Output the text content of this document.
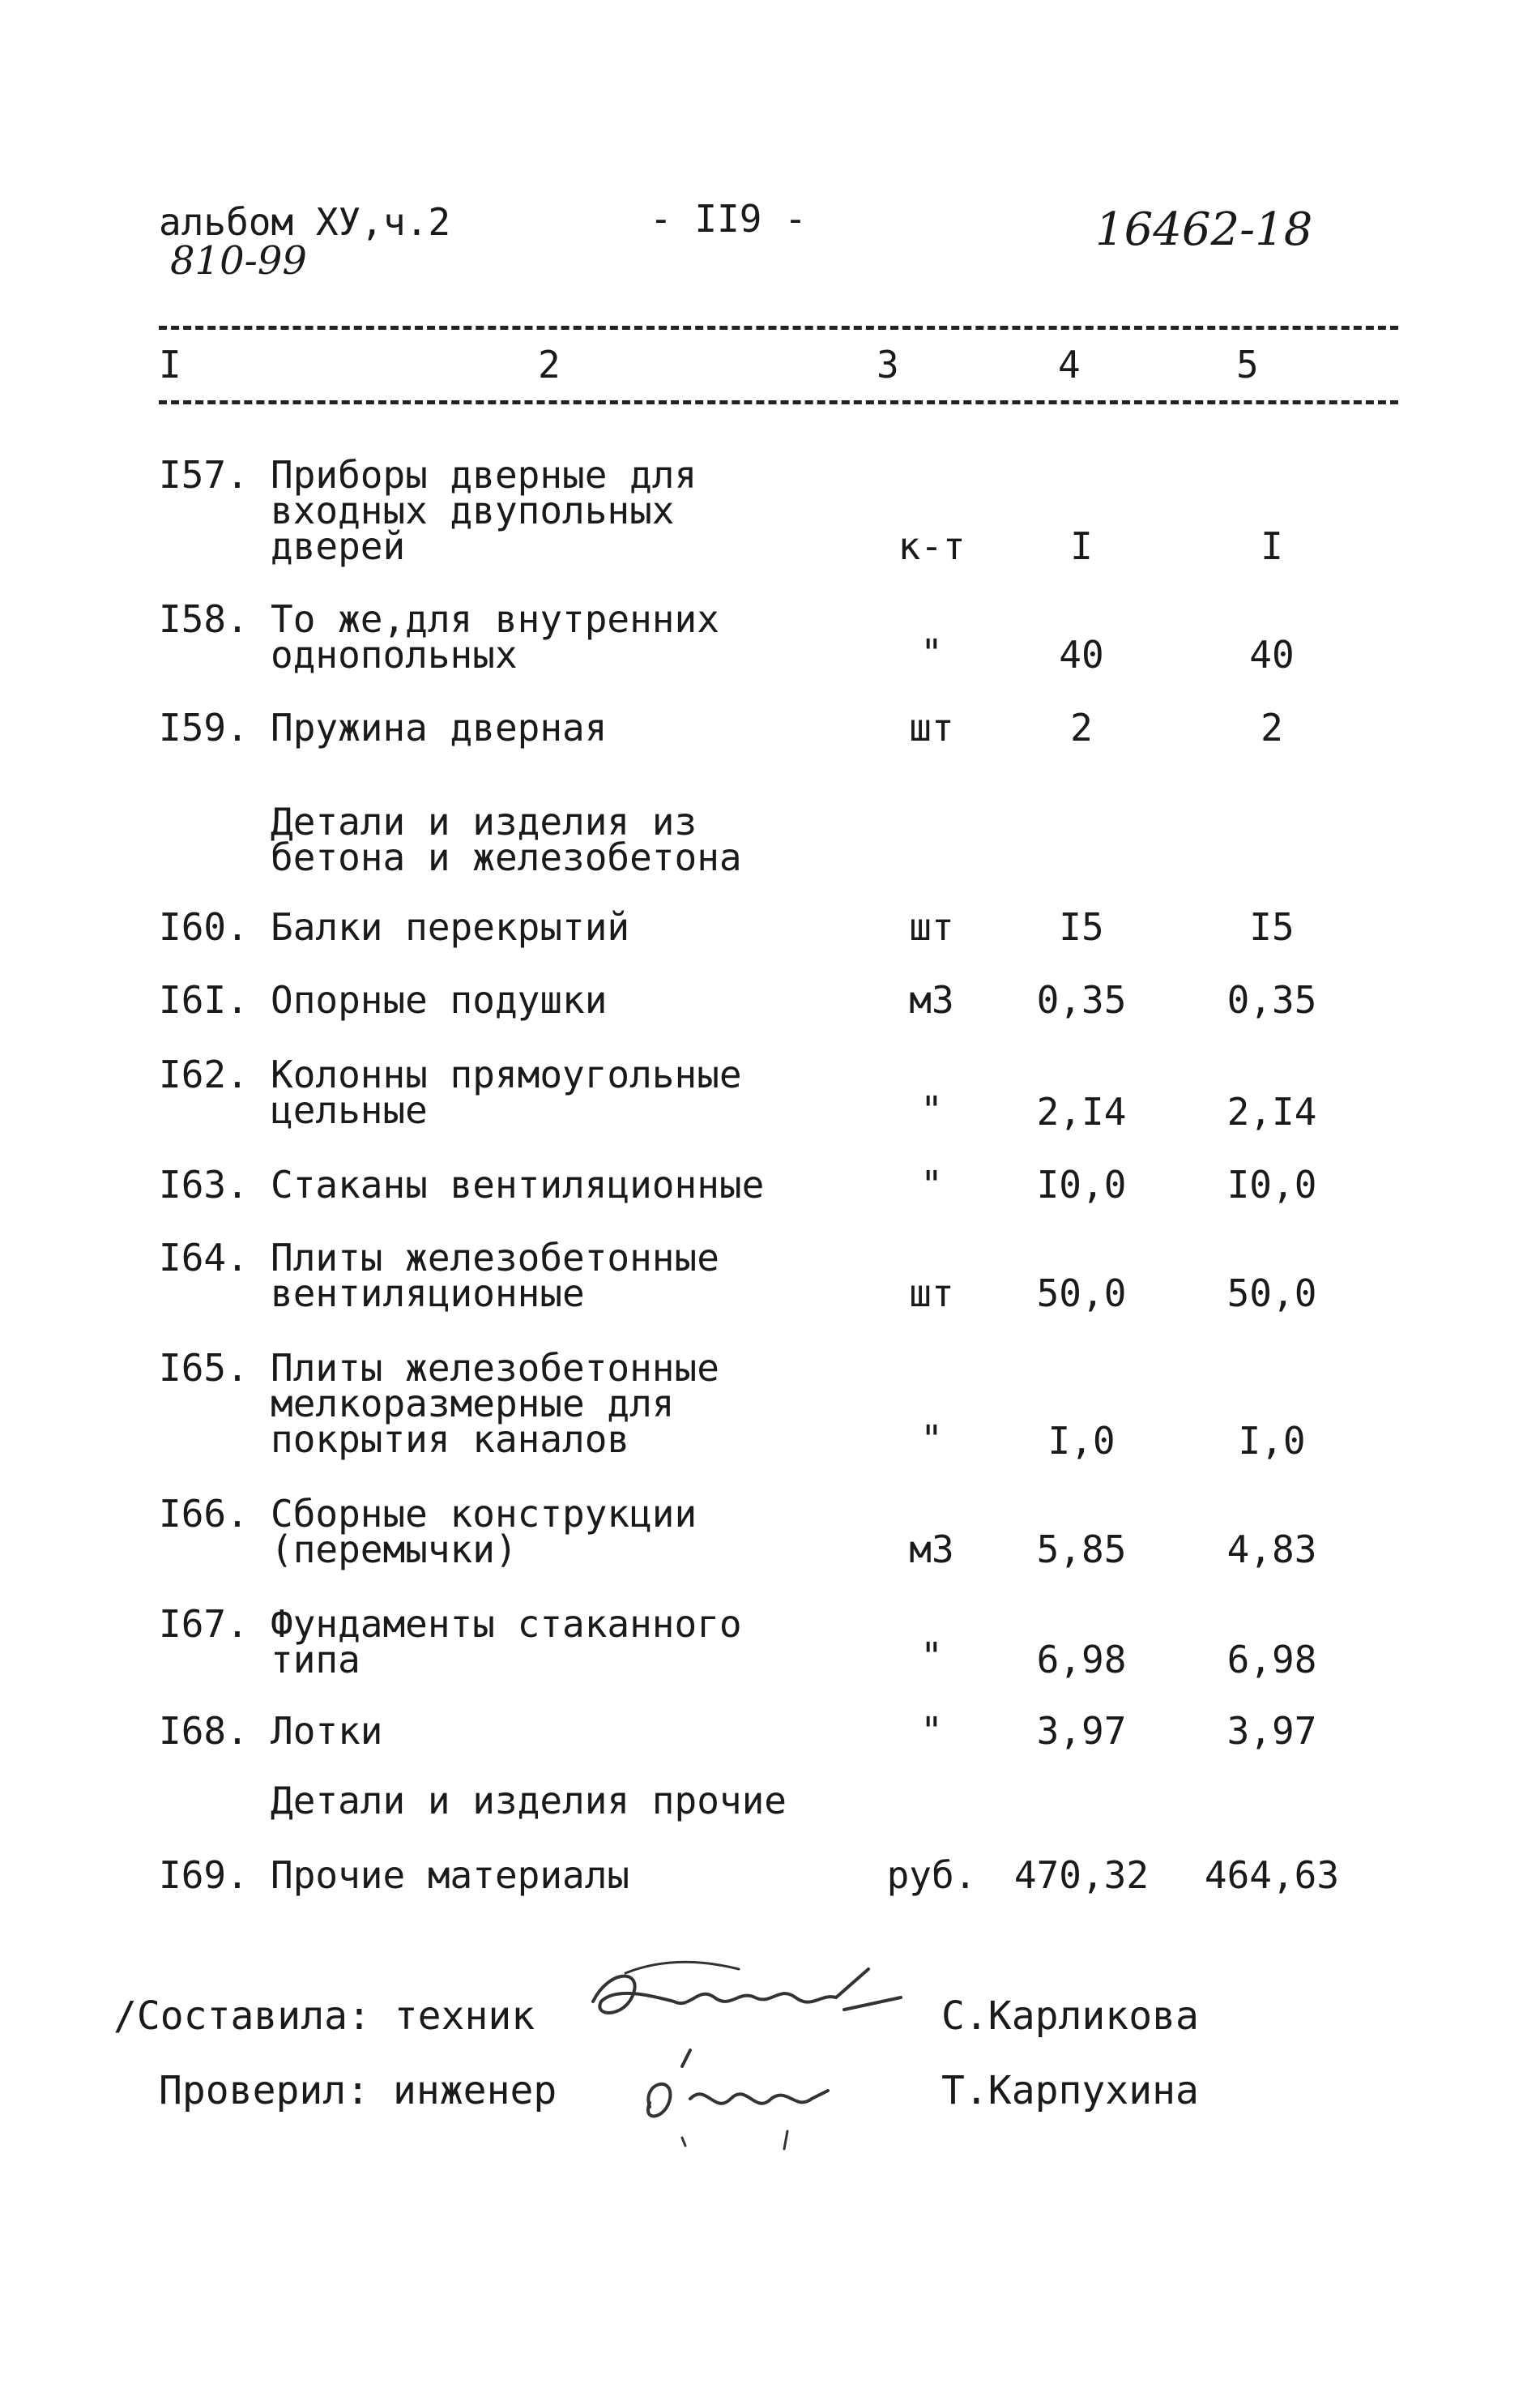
альбом ХУ,ч.2
810-99
- II9 -	16462-18
I	2	3	4	5
I57. Приборы дверные для
входных двупольных
дверей	к-т	I	I
I58. То же,для внутренних
однопольных	"	40	40
I59. Пружина дверная	шт	2	2
Детали и изделия из
бетона и железобетона
I60. Балки перекрытий	шт	I5	I5
I6I. Опорные подушки	м3	0,35	0,35
I62. Колонны прямоугольные
цельные	"	2,I4	2,I4
I63. Стаканы вентиляционные	"	I0,0	I0,0
I64. Плиты железобетонные
вентиляционные	шт	50,0	50,0
I65. Плиты железобетонные
мелкоразмерные для
покрытия каналов	"	I,0	I,0
I66. Сборные конструкции
(перемычки)	м3	5,85	4,83
I67. Фундаменты стаканного
типа	"	6,98	6,98
I68. Лотки	"	3,97	3,97
Детали и изделия прочие
I69. Прочие материалы	руб.	470,32	464,63
/Составила: техник	С.Карликова
Проверил: инженер	Т.Карпухина
